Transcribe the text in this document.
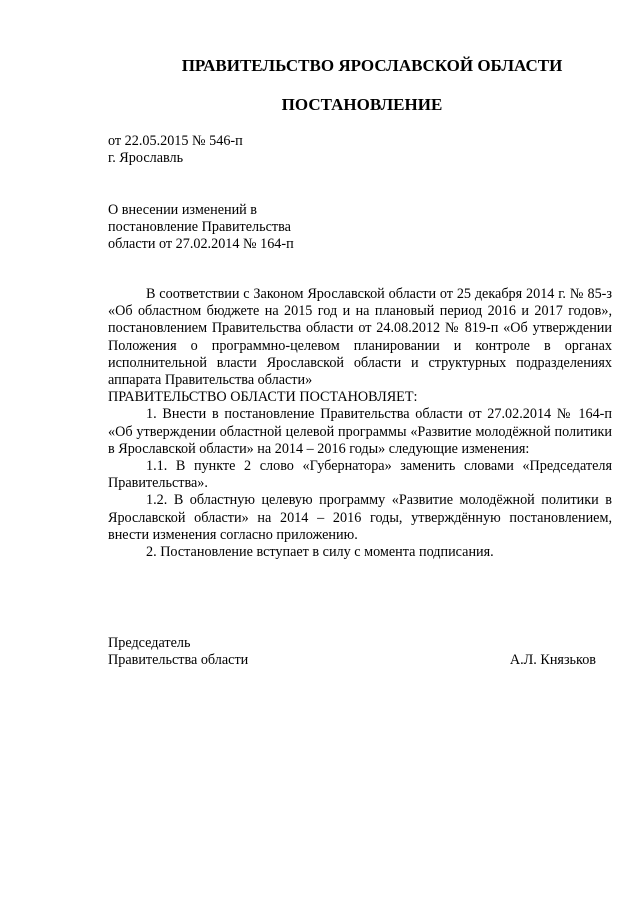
ПРАВИТЕЛЬСТВО ЯРОСЛАВСКОЙ ОБЛАСТИ
ПОСТАНОВЛЕНИЕ
от 22.05.2015 № 546-п
г. Ярославль
О внесении изменений в
постановление Правительства
области от 27.02.2014 № 164-п

В соответствии с Законом Ярославской области от 25 декабря 2014 г. № 85-з «Об областном бюджете на 2015 год и на плановый период 2016 и 2017 годов», постановлением Правительства области от 24.08.2012 № 819-п «Об утверждении Положения о программно-целевом планировании и контроле в органах исполнительной власти Ярославской области и структурных подразделениях аппарата Правительства области»

ПРАВИТЕЛЬСТВО ОБЛАСТИ ПОСТАНОВЛЯЕТ:

1. Внести в постановление Правительства области от 27.02.2014 № 164-п «Об утверждении областной целевой программы «Развитие молодёжной политики в Ярославской области» на 2014 – 2016 годы» следующие изменения:

1.1. В пункте 2 слово «Губернатора» заменить словами «Председателя Правительства».

1.2. В областную целевую программу «Развитие молодёжной политики в Ярославской области» на 2014 – 2016 годы, утверждённую постановлением, внести изменения согласно приложению.

2. Постановление вступает в силу с момента подписания.

Председатель
Правительства области	А.Л. Князьков
